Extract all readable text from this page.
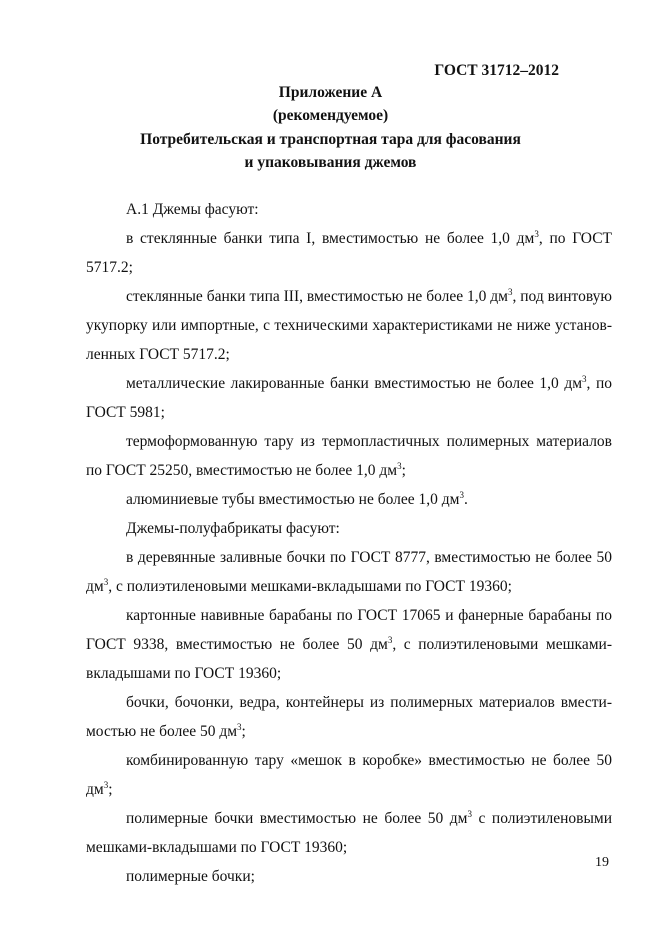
ГОСТ 31712–2012
Приложение А
(рекомендуемое)
Потребительская и транспортная тара для фасования
и упаковывания джемов

А.1 Джемы фасуют:

в стеклянные банки типа I, вместимостью не более 1,0 $дм^3$, по ГОСТ 5717.2;

стеклянные банки типа III, вместимостью не более 1,0 $дм^3$, под винтовую укупорку или импортные, с техническими характеристиками не ниже установ-ленных ГОСТ 5717.2;

металлические лакированные банки вместимостью не более 1,0 $дм^3$, по ГОСТ 5981;

термоформованную тару из термопластичных полимерных материалов по ГОСТ 25250, вместимостью не более 1,0 $дм^3$;

алюминиевые тубы вместимостью не более 1,0 $дм^3$.

Джемы-полуфабрикаты фасуют:

в деревянные заливные бочки по ГОСТ 8777, вместимостью не более 50 $дм^3$, с полиэтиленовыми мешками-вкладышами по ГОСТ 19360;

картонные навивные барабаны по ГОСТ 17065 и фанерные барабаны по ГОСТ 9338, вместимостью не более 50 $дм^3$, с полиэтиленовыми мешками-вкладышами по ГОСТ 19360;

бочки, бочонки, ведра, контейнеры из полимерных материалов вмести-мостью не более 50 $дм^3$;

комбинированную тару «мешок в коробке» вместимостью не более 50 $дм^3$;

полимерные бочки вместимостью не более 50 $дм^3$ с полиэтиленовыми мешками-вкладышами по ГОСТ 19360;

полимерные бочки;

19
